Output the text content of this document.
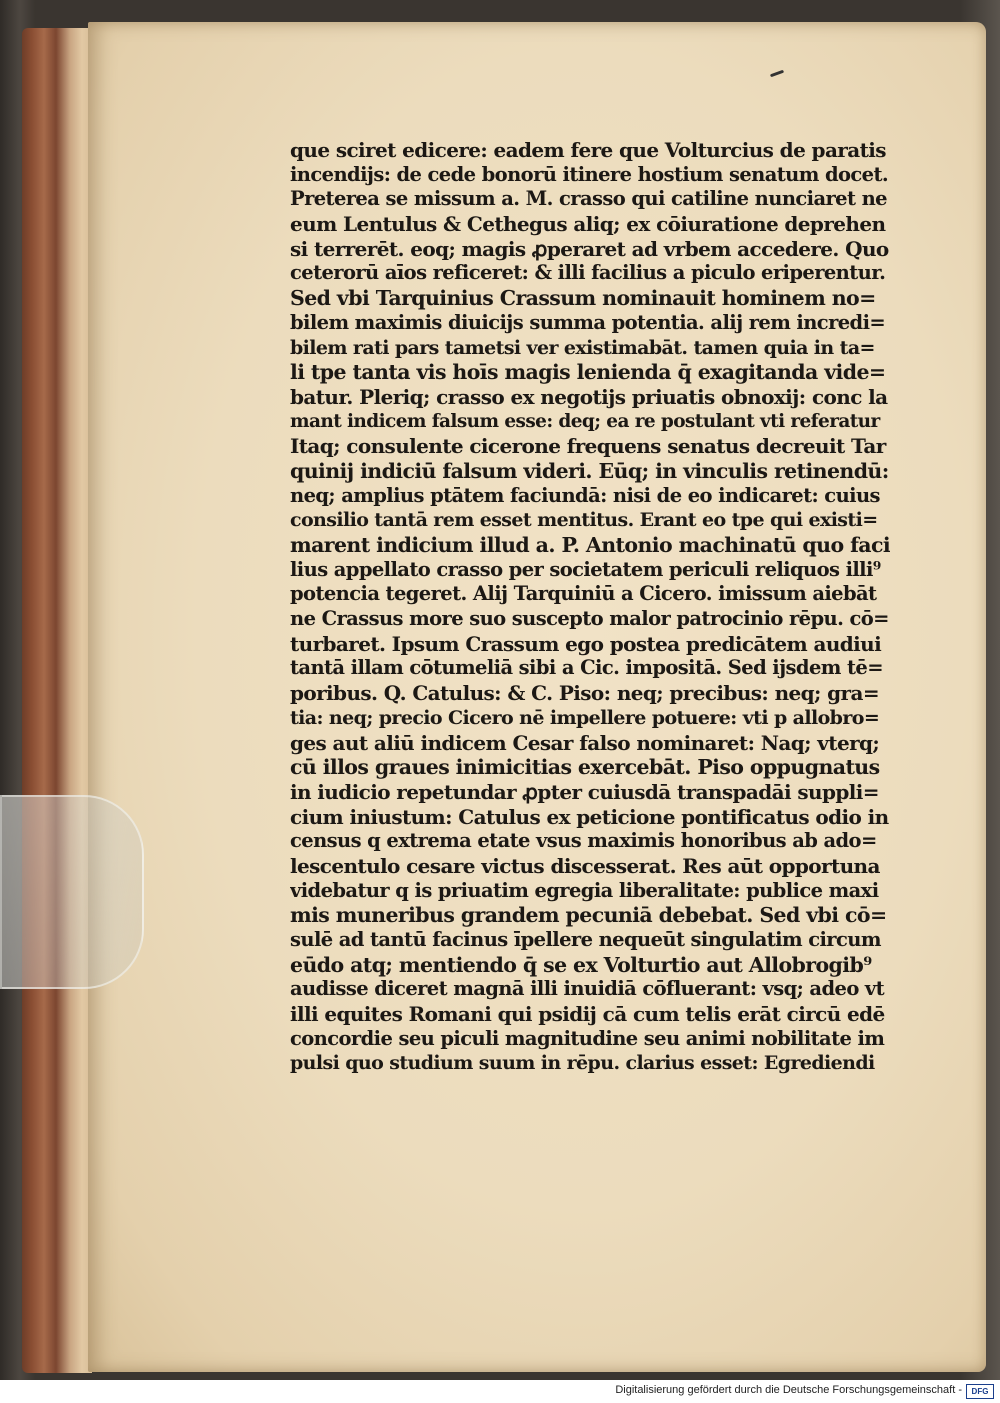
que sciret edicere: eadem fere que Volturcius de paratis
incendijs: de cede bonorū itinere hostium senatum docet.
Preterea se missum a. M. crasso qui catiline nunciaret ne
eum Lentulus & Cethegus aliq; ex cōiuratione deprehen
si terrerēt. eoq; magis ꝓperaret ad vrbem accedere. Quo
ceterorū aīos reficeret: & illi facilius a piculo eriperentur.
Sed vbi Tarquinius Crassum nominauit hominem no=
bilem maximis diuicijs summa potentia. alij rem incredi=
bilem rati pars tametsi ver existimabāt. tamen quia in ta=
li tpe tanta vis hoīs magis lenienda q̄ exagitanda vide=
batur. Pleriq; crasso ex negotijs priuatis obnoxij: conc la
mant indicem falsum esse: deq; ea re postulant vti referatur
Itaq; consulente cicerone frequens senatus decreuit Tar
quinij indiciū falsum videri. Eūq; in vinculis retinendū:
neq; amplius ptātem faciundā: nisi de eo indicaret: cuius
consilio tantā rem esset mentitus. Erant eo tpe qui existi=
marent indicium illud a. P. Antonio machinatū quo faci
lius appellato crasso per societatem periculi reliquos illi⁹
potencia tegeret. Alij Tarquiniū a Cicero. imissum aiebāt
ne Crassus more suo suscepto malor patrocinio rēpu. cō=
turbaret. Ipsum Crassum ego postea predicātem audiui
tantā illam cōtumeliā sibi a Cic. impositā. Sed ijsdem tē=
poribus. Q. Catulus: & C. Piso: neq; precibus: neq; gra=
tia: neq; precio Cicero nē impellere potuere: vti p allobro=
ges aut aliū indicem Cesar falso nominaret: Naq; vterq;
cū illos graues inimicitias exercebāt. Piso oppugnatus
in iudicio repetundar ꝓpter cuiusdā transpadāi suppli=
cium iniustum: Catulus ex peticione pontificatus odio in
census q extrema etate vsus maximis honoribus ab ado=
lescentulo cesare victus discesserat. Res aūt opportuna
videbatur q is priuatim egregia liberalitate: publice maxi
mis muneribus grandem pecuniā debebat. Sed vbi cō=
sulē ad tantū facinus īpellere nequeūt singulatim circum
eūdo atq; mentiendo q̄ se ex Volturtio aut Allobrogib⁹
audisse diceret magnā illi inuidiā cōfluerant: vsq; adeo vt
illi equites Romani qui psidij cā cum telis erāt circū edē
concordie seu piculi magnitudine seu animi nobilitate im
pulsi quo studium suum in rēpu. clarius esset: Egrediendi
Digitalisierung gefördert durch die Deutsche Forschungsgemeinschaft -	DFG
